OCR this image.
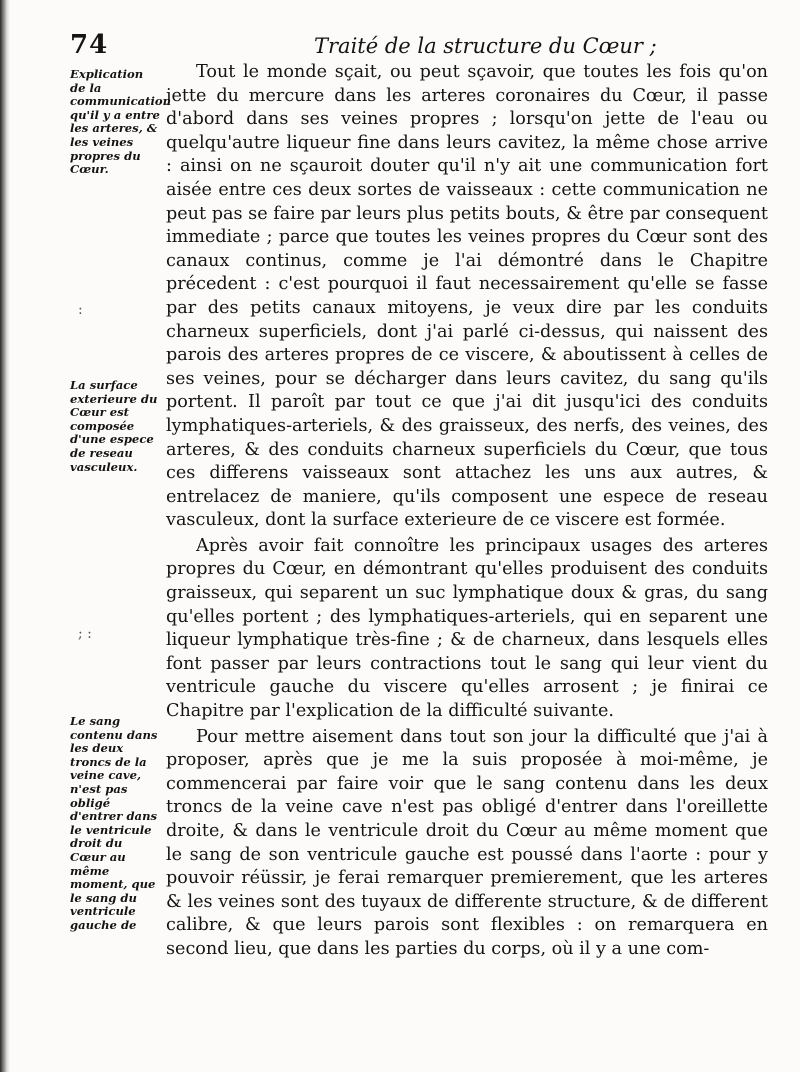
74	Traité de la structure du Cœur ;
Explication de la communication qu'il y a entre les arteres, & les veines propres du Cœur.
La surface exterieure du Cœur est composée d'une espece de reseau vasculeux.
Le sang contenu dans les deux troncs de la veine cave, n'est pas obligé d'entrer dans le ventricule droit du Cœur au même moment, que le sang du ventricule gauche de
:
; :

Tout le monde sçait, ou peut sçavoir, que toutes les fois qu'on jette du mercure dans les arteres coronaires du Cœur, il passe d'abord dans ses veines propres ; lorsqu'on jette de l'eau ou quelqu'autre liqueur fine dans leurs cavitez, la même chose arrive : ainsi on ne sçauroit douter qu'il n'y ait une communication fort aisée entre ces deux sortes de vaisseaux : cette communication ne peut pas se faire par leurs plus petits bouts, & être par consequent immediate ; parce que toutes les veines propres du Cœur sont des canaux continus, comme je l'ai démontré dans le Chapitre précedent : c'est pourquoi il faut necessairement qu'elle se fasse par des petits canaux mitoyens, je veux dire par les conduits charneux superficiels, dont j'ai parlé ci-dessus, qui naissent des parois des arteres propres de ce viscere, & aboutissent à celles de ses veines, pour se décharger dans leurs cavitez, du sang qu'ils portent. Il paroît par tout ce que j'ai dit jusqu'ici des conduits lymphatiques-arteriels, & des graisseux, des nerfs, des veines, des arteres, & des conduits charneux superficiels du Cœur, que tous ces differens vaisseaux sont attachez les uns aux autres, & entrelacez de maniere, qu'ils composent une espece de reseau vasculeux, dont la surface exterieure de ce viscere est formée.

Après avoir fait connoître les principaux usages des arteres propres du Cœur, en démontrant qu'elles produisent des conduits graisseux, qui separent un suc lymphatique doux & gras, du sang qu'elles portent ; des lymphatiques-arteriels, qui en separent une liqueur lymphatique très-fine ; & de charneux, dans lesquels elles font passer par leurs contractions tout le sang qui leur vient du ventricule gauche du viscere qu'elles arrosent ; je finirai ce Chapitre par l'explication de la difficulté suivante.

Pour mettre aisement dans tout son jour la difficulté que j'ai à proposer, après que je me la suis proposée à moi-même, je commencerai par faire voir que le sang contenu dans les deux troncs de la veine cave n'est pas obligé d'entrer dans l'oreillette droite, & dans le ventricule droit du Cœur au même moment que le sang de son ventricule gauche est poussé dans l'aorte : pour y pouvoir réüssir, je ferai remarquer premierement, que les arteres & les veines sont des tuyaux de differente structure, & de different calibre, & que leurs parois sont flexibles : on remarquera en second lieu, que dans les parties du corps, où il y a une com-
